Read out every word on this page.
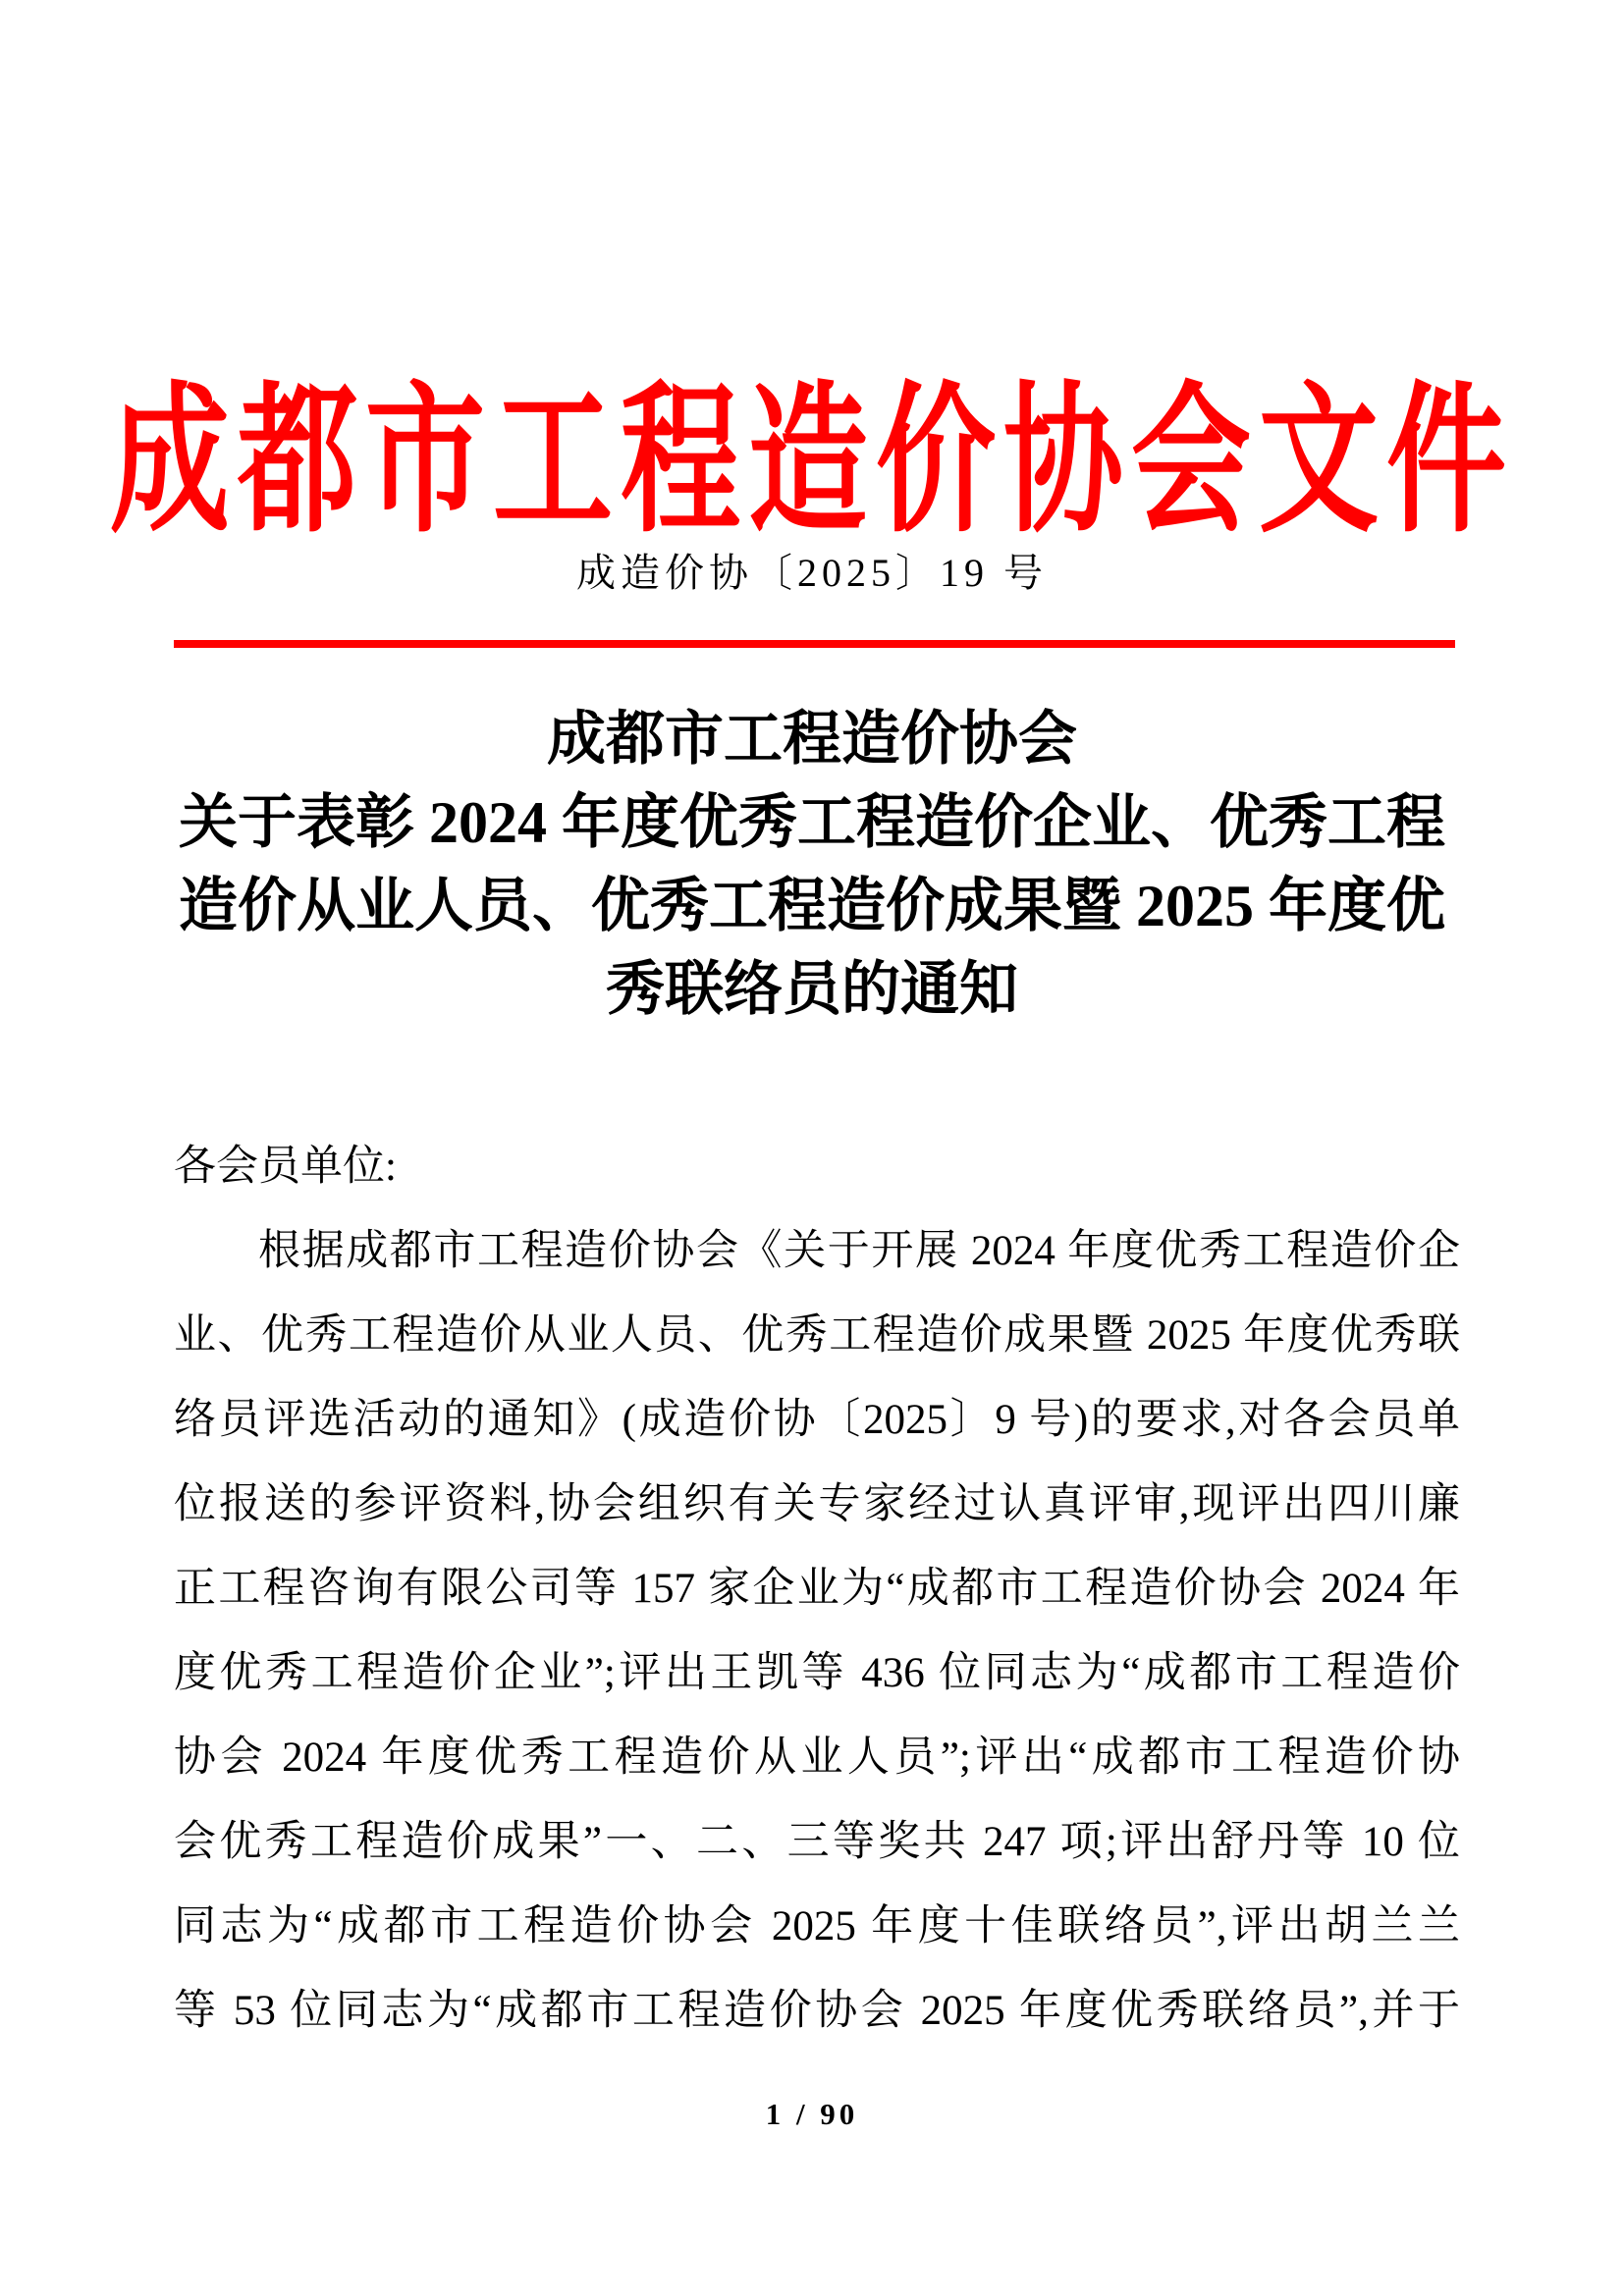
成都市工程造价协会文件
成造价协〔2025〕19 号
成都市工程造价协会
关于表彰 2024 年度优秀工程造价企业、优秀工程
造价从业人员、优秀工程造价成果暨 2025 年度优
秀联络员的通知
各会员单位:
根据成都市工程造价协会《关于开展 2024 年度优秀工程造价企
业、优秀工程造价从业人员、优秀工程造价成果暨 2025 年度优秀联
络员评选活动的通知》(成造价协〔2025〕9 号)的要求,对各会员单
位报送的参评资料,协会组织有关专家经过认真评审,现评出四川廉
正工程咨询有限公司等 157 家企业为“成都市工程造价协会 2024 年
度优秀工程造价企业”;评出王凯等 436 位同志为“成都市工程造价
协会 2024 年度优秀工程造价从业人员”;评出“成都市工程造价协
会优秀工程造价成果”一、二、三等奖共 247 项;评出舒丹等 10 位
同志为“成都市工程造价协会 2025 年度十佳联络员”,评出胡兰兰
等 53 位同志为“成都市工程造价协会 2025 年度优秀联络员”,并于
1 / 90
